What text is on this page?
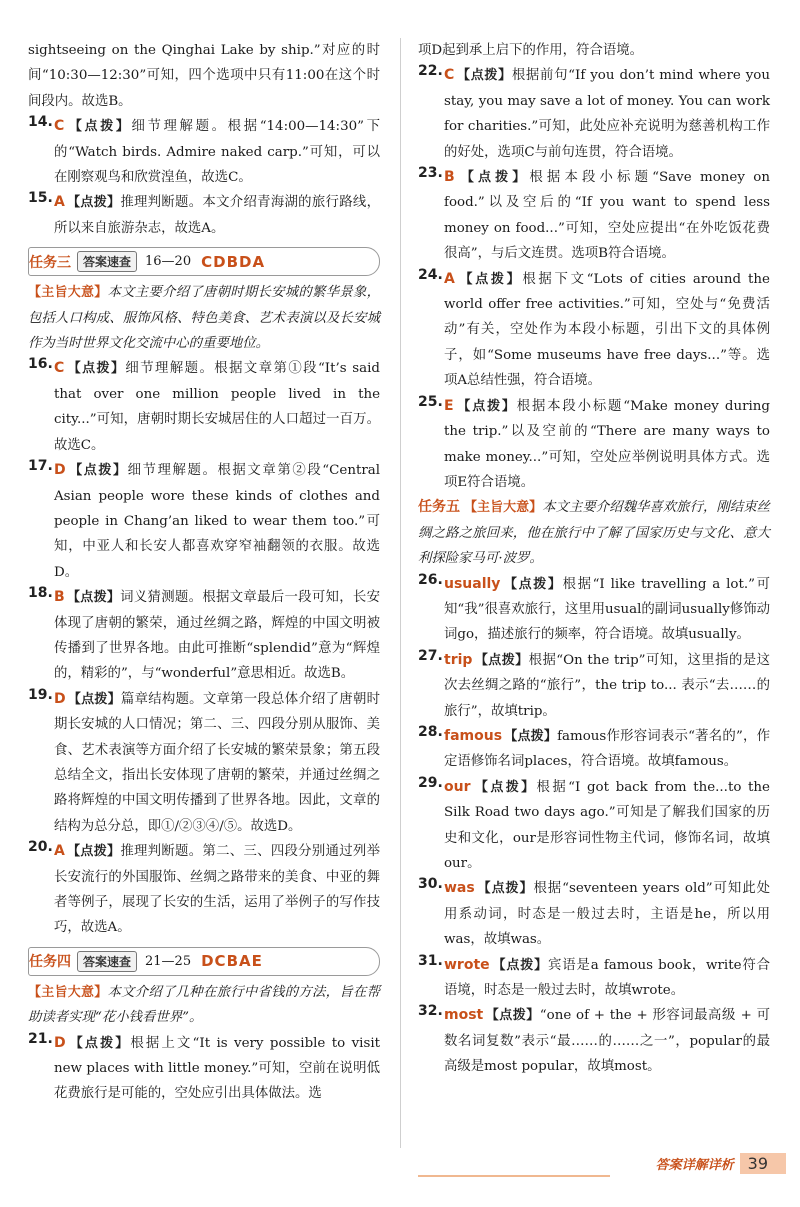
sightseeing on the Qinghai Lake by ship.”对应的时间“10:30—12:30”可知，四个选项中只有11:00在这个时间段内。故选B。

14. C 【点拨】细节理解题。根据“14:00—14:30”下的“Watch birds. Admire naked carp.”可知，可以在刚察观鸟和欣赏湟鱼，故选C。

15. A 【点拨】推理判断题。本文介绍青海湖的旅行路线，所以来自旅游杂志，故选A。

任务三	答案速查	16—20 CDBDA

【主旨大意】本文主要介绍了唐朝时期长安城的繁华景象，包括人口构成、服饰风格、特色美食、艺术表演以及长安城作为当时世界文化交流中心的重要地位。

16. C 【点拨】细节理解题。根据文章第①段“It’s said that over one million people lived in the city...”可知，唐朝时期长安城居住的人口超过一百万。故选C。

17. D 【点拨】细节理解题。根据文章第②段“Central Asian people wore these kinds of clothes and people in Chang’an liked to wear them too.”可知，中亚人和长安人都喜欢穿窄袖翻领的衣服。故选D。

18. B 【点拨】词义猜测题。根据文章最后一段可知，长安体现了唐朝的繁荣，通过丝绸之路，辉煌的中国文明被传播到了世界各地。由此可推断“splendid”意为“辉煌的，精彩的”，与“wonderful”意思相近。故选B。

19. D 【点拨】篇章结构题。文章第一段总体介绍了唐朝时期长安城的人口情况；第二、三、四段分别从服饰、美食、艺术表演等方面介绍了长安城的繁荣景象；第五段总结全文，指出长安体现了唐朝的繁荣，并通过丝绸之路将辉煌的中国文明传播到了世界各地。因此，文章的结构为总分总，即①/②③④/⑤。故选D。

20. A 【点拨】推理判断题。第二、三、四段分别通过列举长安流行的外国服饰、丝绸之路带来的美食、中亚的舞者等例子，展现了长安的生活，运用了举例子的写作技巧，故选A。

任务四	答案速查	21—25 DCBAE

【主旨大意】本文介绍了几种在旅行中省钱的方法，旨在帮助读者实现“花小钱看世界”。

21. D 【点拨】根据上文“It is very possible to visit new places with little money.”可知，空前在说明低花费旅行是可能的，空处应引出具体做法。选

项D起到承上启下的作用，符合语境。

22. C 【点拨】根据前句“If you don’t mind where you stay, you may save a lot of money. You can work for charities.”可知，此处应补充说明为慈善机构工作的好处，选项C与前句连贯，符合语境。

23. B 【点拨】根据本段小标题“Save money on food.”以及空后的“If you want to spend less money on food...”可知，空处应提出“在外吃饭花费很高”，与后文连贯。选项B符合语境。

24. A 【点拨】根据下文“Lots of cities around the world offer free activities.”可知，空处与“免费活动”有关，空处作为本段小标题，引出下文的具体例子，如“Some museums have free days...”等。选项A总结性强，符合语境。

25. E 【点拨】根据本段小标题“Make money during the trip.”以及空前的“There are many ways to make money...”可知，空处应举例说明具体方式。选项E符合语境。

任务五 【主旨大意】本文主要介绍魏华喜欢旅行，刚结束丝绸之路之旅回来，他在旅行中了解了国家历史与文化、意大利探险家马可·波罗。

26. usually 【点拨】根据“I like travelling a lot.”可知“我”很喜欢旅行，这里用usual的副词usually修饰动词go，描述旅行的频率，符合语境。故填usually。

27. trip 【点拨】根据“On the trip”可知，这里指的是这次去丝绸之路的“旅行”，the trip to... 表示“去……的旅行”，故填trip。

28. famous 【点拨】famous作形容词表示“著名的”，作定语修饰名词places，符合语境。故填famous。

29. our 【点拨】根据“I got back from the...to the Silk Road two days ago.”可知是了解我们国家的历史和文化，our是形容词性物主代词，修饰名词，故填our。

30. was 【点拨】根据“seventeen years old”可知此处用系动词，时态是一般过去时，主语是he，所以用was，故填was。

31. wrote 【点拨】宾语是a famous book，write符合语境，时态是一般过去时，故填wrote。

32. most 【点拨】“one of + the + 形容词最高级 + 可数名词复数”表示“最……的……之一”，popular的最高级是most popular，故填most。

答案详解详析 39
